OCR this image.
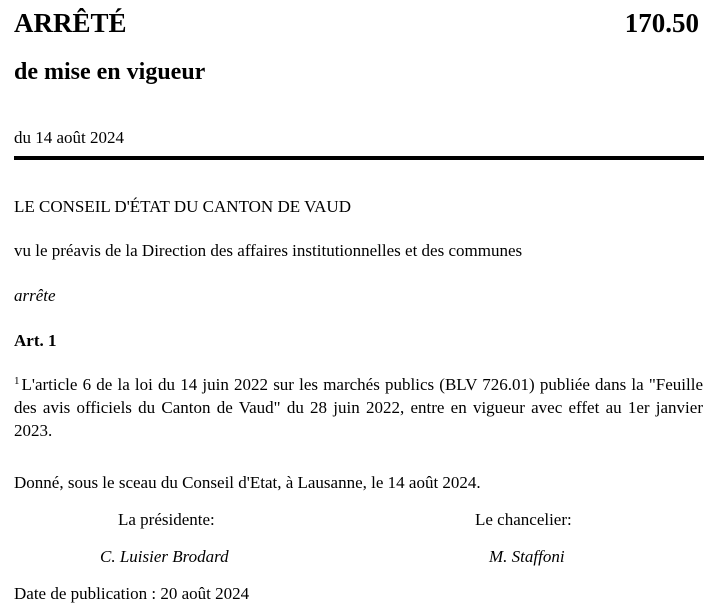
ARRÊTÉ	170.50
de mise en vigueur

du 14 août 2024

LE CONSEIL D'ÉTAT DU CANTON DE VAUD

vu le préavis de la Direction des affaires institutionnelles et des communes

arrête

Art. 1

$^1$ L'article 6 de la loi du 14 juin 2022 sur les marchés publics (BLV 726.01) publiée dans la "Feuille des avis officiels du Canton de Vaud" du 28 juin 2022, entre en vigueur avec effet au 1er janvier 2023.

Donné, sous le sceau du Conseil d'Etat, à Lausanne, le 14 août 2024.

La présidente:	Le chancelier:

C. Luisier Brodard	M. Staffoni

Date de publication : 20 août 2024
